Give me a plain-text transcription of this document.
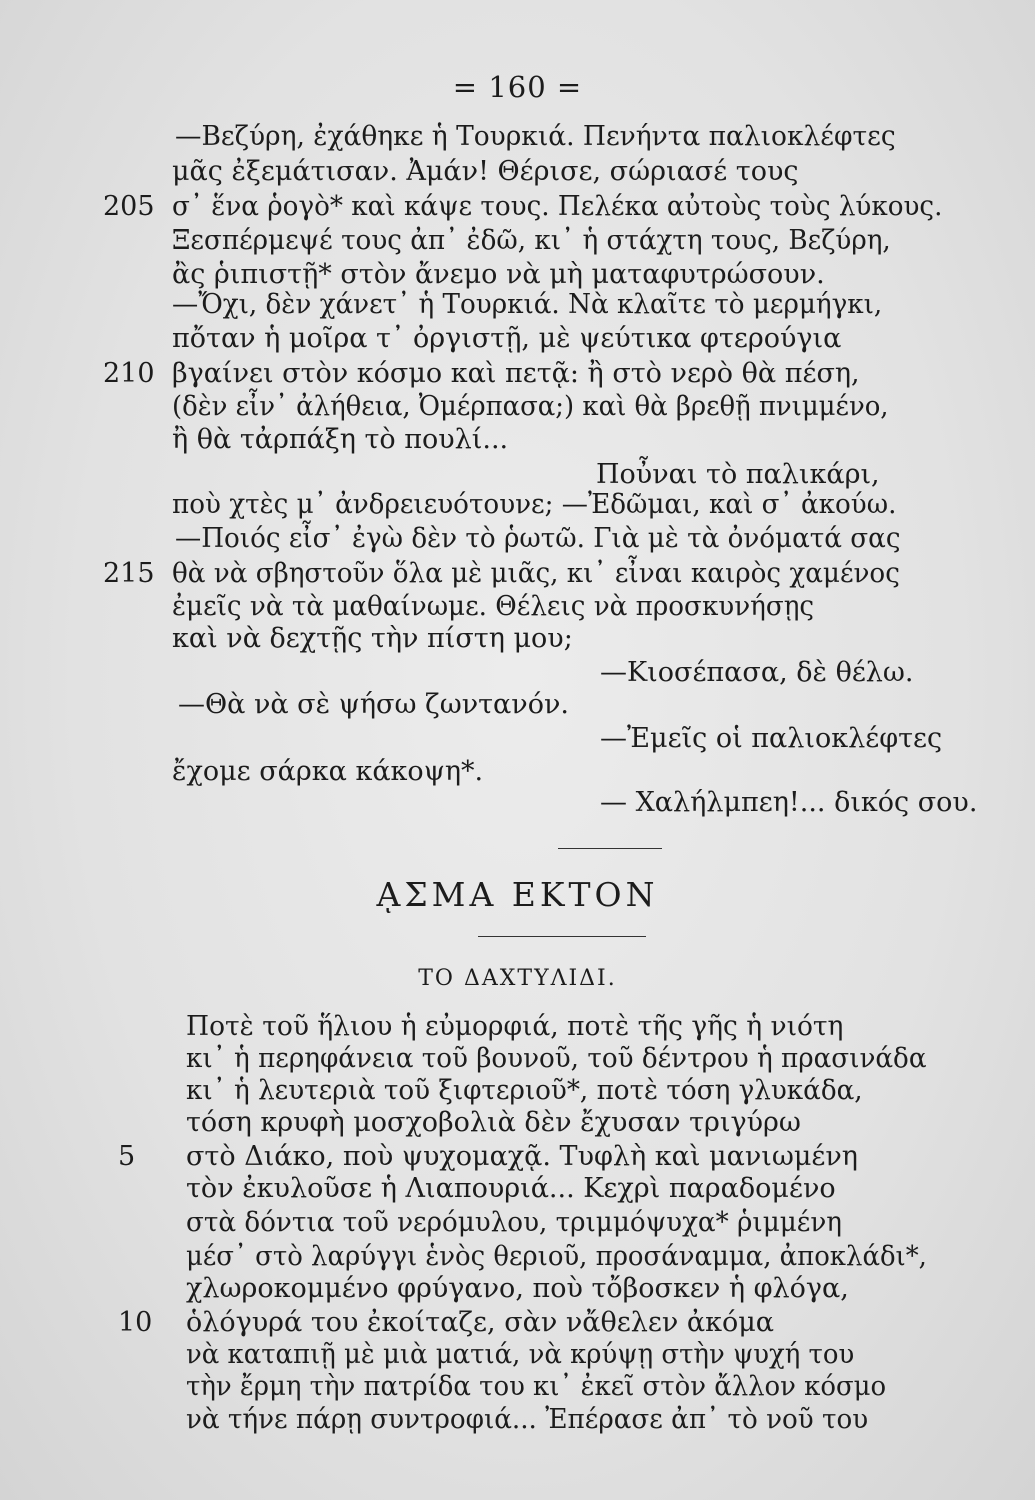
= 160 =
—Βεζύρη, ἐχάθηκε ἡ Τουρκιά. Πενήντα παλιοκλέφτες
μᾶς ἐξεμάτισαν. Ἀμάν! Θέρισε, σώριασέ τους
205 σ᾽ ἕνα ῥογὸ* καὶ κάψε τους. Πελέκα αὐτοὺς τοὺς λύκους.
Ξεσπέρμεψέ τους ἀπ᾽ ἐδῶ, κι᾽ ἡ στάχτη τους, Βεζύρη,
ἂς ῥιπιστῇ* στὸν ἄνεμο νὰ μὴ ματαφυτρώσουν.
—Ὄχι, δὲν χάνετ᾽ ἡ Τουρκιά. Νὰ κλαῖτε τὸ μερμήγκι,
πὄταν ἡ μοῖρα τ᾽ ὀργιστῇ, μὲ ψεύτικα φτερούγια
210 βγαίνει στὸν κόσμο καὶ πετᾷ: ἢ στὸ νερὸ θὰ πέση,
(δὲν εἶν᾽ ἀλήθεια, Ὀμέρπασα;) καὶ θὰ βρεθῇ πνιμμένο,
ἢ θὰ τἀρπάξη τὸ πουλί...
Ποὖναι τὸ παλικάρι,
ποὺ χτὲς μ᾽ ἀνδρειευότουνε; —Ἐδῶμαι, καὶ σ᾽ ἀκούω.
—Ποιός εἶσ᾽ ἐγὼ δὲν τὸ ῥωτῶ. Γιὰ μὲ τὰ ὀνόματά σας
215 θὰ νὰ σβηστοῦν ὅλα μὲ μιᾶς, κι᾽ εἶναι καιρὸς χαμένος
ἐμεῖς νὰ τὰ μαθαίνωμε. Θέλεις νὰ προσκυνήσῃς
καὶ νὰ δεχτῇς τὴν πίστη μου;
—Κιοσέπασα, δὲ θέλω.
—Θὰ νὰ σὲ ψήσω ζωντανόν.
—Ἐμεῖς οἱ παλιοκλέφτες
ἔχομε σάρκα κάκοψη*.
— Χαλήλμπεη!... δικός σου.
ᾼΣΜΑ ΕΚΤΟΝ
ΤΟ ΔΑΧΤΥΛΙΔΙ.
Ποτὲ τοῦ ἥλιου ἡ εὐμορφιά, ποτὲ τῆς γῆς ἡ νιότη
κι᾽ ἡ περηφάνεια τοῦ βουνοῦ, τοῦ δέντρου ἡ πρασινάδα
κι᾽ ἡ λευτεριὰ τοῦ ξιφτεριοῦ*, ποτὲ τόση γλυκάδα,
τόση κρυφὴ μοσχοβολιὰ δὲν ἔχυσαν τριγύρω
5 στὸ Διάκο, ποὺ ψυχομαχᾷ. Τυφλὴ καὶ μανιωμένη
τὸν ἐκυλοῦσε ἡ Λιαπουριά... Κεχρὶ παραδομένο
στὰ δόντια τοῦ νερόμυλου, τριμμόψυχα* ῥιμμένη
μέσ᾽ στὸ λαρύγγι ἑνὸς θεριοῦ, προσάναμμα, ἀποκλάδι*,
χλωροκομμένο φρύγανο, ποὺ τὄβοσκεν ἡ φλόγα,
10 ὁλόγυρά του ἐκοίταζε, σὰν νἄθελεν ἀκόμα
νὰ καταπιῇ μὲ μιὰ ματιά, νὰ κρύψῃ στὴν ψυχή του
τὴν ἔρμη τὴν πατρίδα του κι᾽ ἐκεῖ στὸν ἄλλον κόσμο
νὰ τήνε πάρῃ συντροφιά... Ἐπέρασε ἀπ᾽ τὸ νοῦ του
